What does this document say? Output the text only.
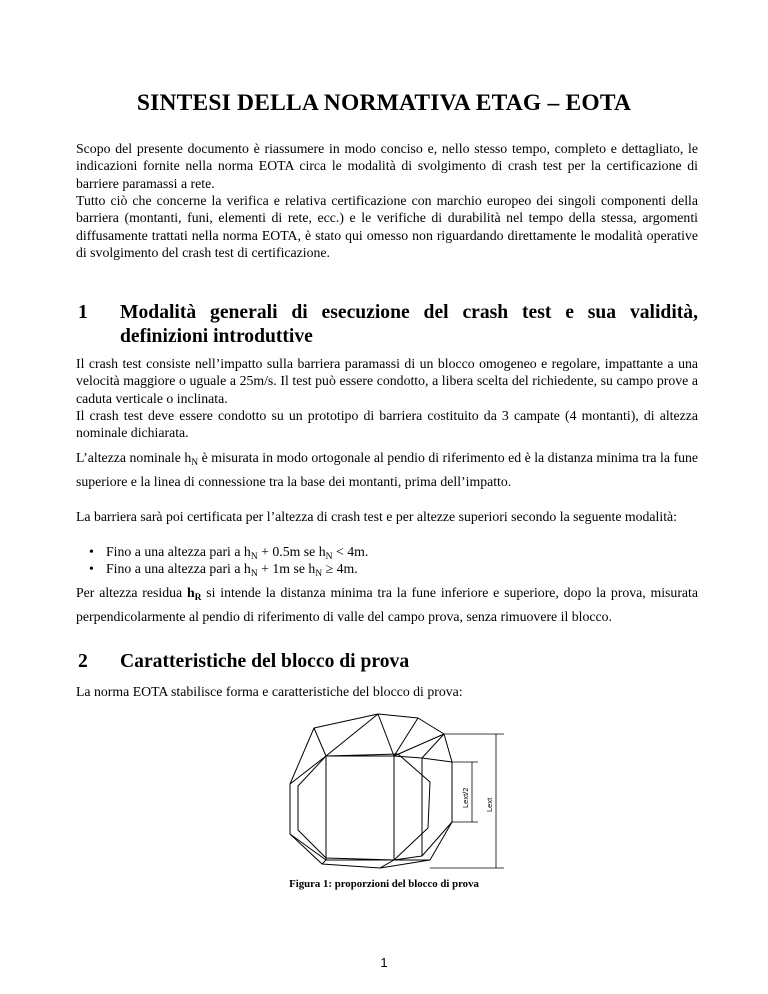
SINTESI DELLA NORMATIVA ETAG – EOTA

Scopo del presente documento è riassumere in modo conciso e, nello stesso tempo, completo e dettagliato, le indicazioni fornite nella norma EOTA circa le modalità di svolgimento di crash test per la certificazione di barriere paramassi a rete.

Tutto ciò che concerne la verifica e relativa certificazione con marchio europeo dei singoli componenti della barriera (montanti, funi, elementi di rete, ecc.) e le verifiche di durabilità nel tempo della stessa, argomenti diffusamente trattati nella norma EOTA, è stato qui omesso non riguardando direttamente le modalità operative di svolgimento del crash test di certificazione.

1 Modalità generali di esecuzione del crash test e sua validità, definizioni introduttive

Il crash test consiste nell’impatto sulla barriera paramassi di un blocco omogeneo e regolare, impattante a una velocità maggiore o uguale a 25m/s. Il test può essere condotto, a libera scelta del richiedente, su campo prove a caduta verticale o inclinata.

Il crash test deve essere condotto su un prototipo di barriera costituito da 3 campate (4 montanti), di altezza nominale dichiarata.

L’altezza nominale $h_N$ è misurata in modo ortogonale al pendio di riferimento ed è la distanza minima tra la fune superiore e la linea di connessione tra la base dei montanti, prima dell’impatto.

La barriera sarà poi certificata per l’altezza di crash test e per altezze superiori secondo la seguente modalità:

• Fino a una altezza pari a $h_N + 0.5m$ se $h_N < 4m$.
• Fino a una altezza pari a $h_N + 1m$ se $h_N \ge 4m$.

Per altezza residua $h_R$ si intende la distanza minima tra la fune inferiore e superiore, dopo la prova, misurata perpendicolarmente al pendio di riferimento di valle del campo prova, senza rimuovere il blocco.

2 Caratteristiche del blocco di prova

La norma EOTA stabilisce forma e caratteristiche del blocco di prova:

Lext/2 Lext
Figura 1: proporzioni del blocco di prova
1
